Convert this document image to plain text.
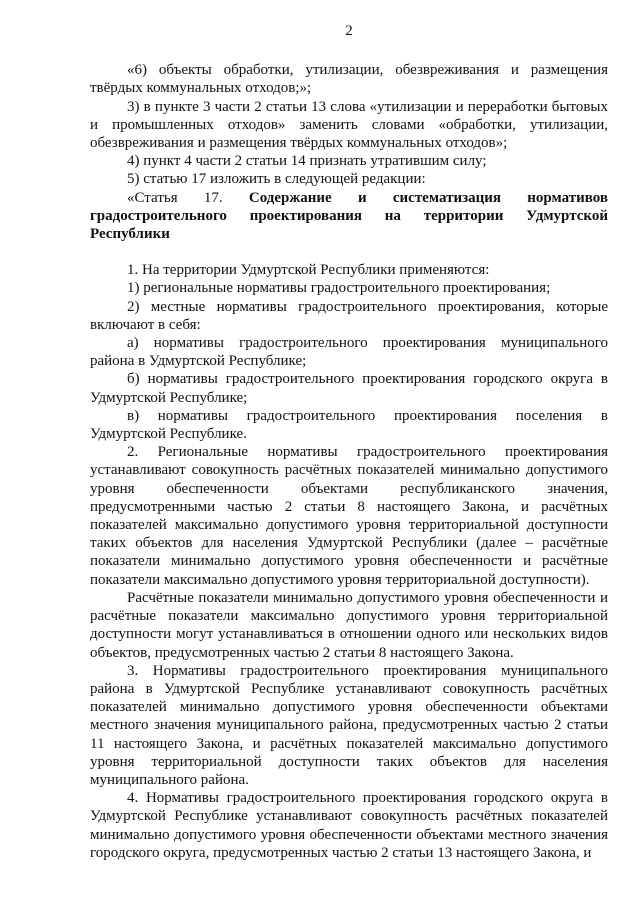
2

«6) объекты обработки, утилизации, обезвреживания и размещения твёрдых коммунальных отходов;»;

3) в пункте 3 части 2 статьи 13 слова «утилизации и переработки бытовых и промышленных отходов» заменить словами «обработки, утилизации, обезвреживания и размещения твёрдых коммунальных отходов»;

4) пункт 4 части 2 статьи 14 признать утратившим силу;

5) статью 17 изложить в следующей редакции:

«Статья 17. Содержание и систематизация нормативов градостроительного проектирования на территории Удмуртской Республики

1. На территории Удмуртской Республики применяются:

1) региональные нормативы градостроительного проектирования;

2) местные нормативы градостроительного проектирования, которые включают в себя:

а) нормативы градостроительного проектирования муниципального района в Удмуртской Республике;

б) нормативы градостроительного проектирования городского округа в Удмуртской Республике;

в) нормативы градостроительного проектирования поселения в Удмуртской Республике.

2. Региональные нормативы градостроительного проектирования устанавливают совокупность расчётных показателей минимально допустимого уровня обеспеченности объектами республиканского значения, предусмотренными частью 2 статьи 8 настоящего Закона, и расчётных показателей максимально допустимого уровня территориальной доступности таких объектов для населения Удмуртской Республики (далее – расчётные показатели минимально допустимого уровня обеспеченности и расчётные показатели максимально допустимого уровня территориальной доступности).

Расчётные показатели минимально допустимого уровня обеспеченности и расчётные показатели максимально допустимого уровня территориальной доступности могут устанавливаться в отношении одного или нескольких видов объектов, предусмотренных частью 2 статьи 8 настоящего Закона.

3. Нормативы градостроительного проектирования муниципального района в Удмуртской Республике устанавливают совокупность расчётных показателей минимально допустимого уровня обеспеченности объектами местного значения муниципального района, предусмотренных частью 2 статьи 11 настоящего Закона, и расчётных показателей максимально допустимого уровня территориальной доступности таких объектов для населения муниципального района.

4. Нормативы градостроительного проектирования городского округа в Удмуртской Республике устанавливают совокупность расчётных показателей минимально допустимого уровня обеспеченности объектами местного значения городского округа, предусмотренных частью 2 статьи 13 настоящего Закона, и
